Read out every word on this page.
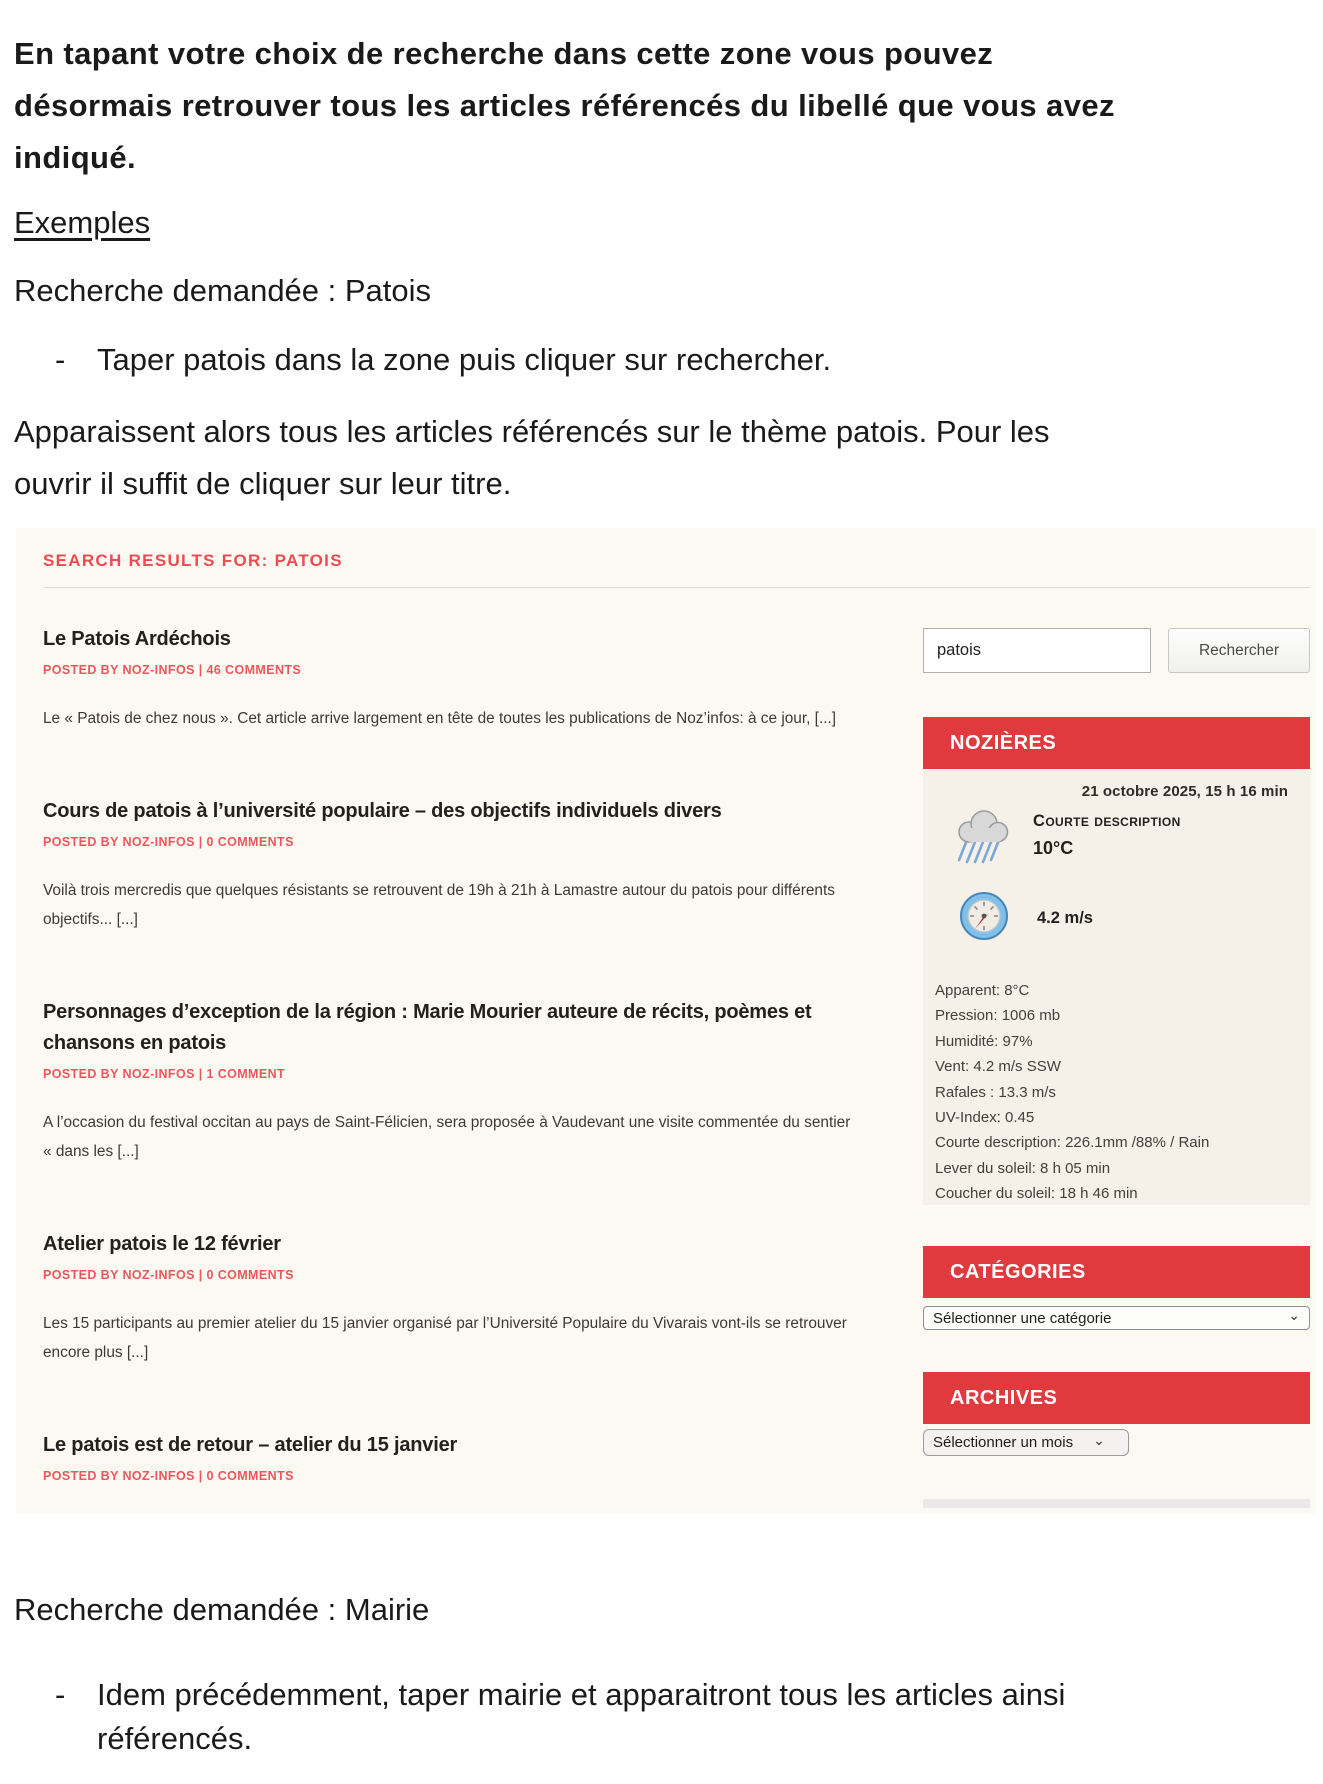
En tapant votre choix de recherche dans cette zone vous pouvez
désormais retrouver tous les articles référencés du libellé que vous avez
indiqué.
Exemples
Recherche demandée : Patois
-	Taper patois dans la zone puis cliquer sur rechercher.
Apparaissent alors tous les articles référencés sur le thème patois. Pour les
ouvrir il suffit de cliquer sur leur titre.
SEARCH RESULTS FOR: PATOIS
Le Patois Ardéchois
POSTED BY NOZ-INFOS | 46 COMMENTS
Le « Patois de chez nous ». Cet article arrive largement en tête de toutes les publications de Noz’infos: à ce jour, [...]
Cours de patois à l’université populaire – des objectifs individuels divers
POSTED BY NOZ-INFOS | 0 COMMENTS
Voilà trois mercredis que quelques résistants se retrouvent de 19h à 21h à Lamastre autour du patois pour différents objectifs... [...]
Personnages d’exception de la région : Marie Mourier auteure de récits, poèmes et chansons en patois
POSTED BY NOZ-INFOS | 1 COMMENT
A l’occasion du festival occitan au pays de Saint-Félicien, sera proposée à Vaudevant une visite commentée du sentier « dans les [...]
Atelier patois le 12 février
POSTED BY NOZ-INFOS | 0 COMMENTS
Les 15 participants au premier atelier du 15 janvier organisé par l’Université Populaire du Vivarais vont-ils se retrouver encore plus [...]
Le patois est de retour – atelier du 15 janvier
POSTED BY NOZ-INFOS | 0 COMMENTS
patois
Rechercher
NOZIÈRES
21 octobre 2025, 15 h 16 min
Courte description
10°C
4.2 m/s
Apparent: 8°C
Pression: 1006 mb
Humidité: 97%
Vent: 4.2 m/s SSW
Rafales : 13.3 m/s
UV-Index: 0.45
Courte description: 226.1mm /88% / Rain
Lever du soleil: 8 h 05 min
Coucher du soleil: 18 h 46 min
CATÉGORIES
Sélectionner une catégorie	⌄
ARCHIVES
Sélectionner un mois ⌄
Recherche demandée : Mairie
-	Idem précédemment, taper mairie et apparaitront tous les articles ainsi
référencés.
